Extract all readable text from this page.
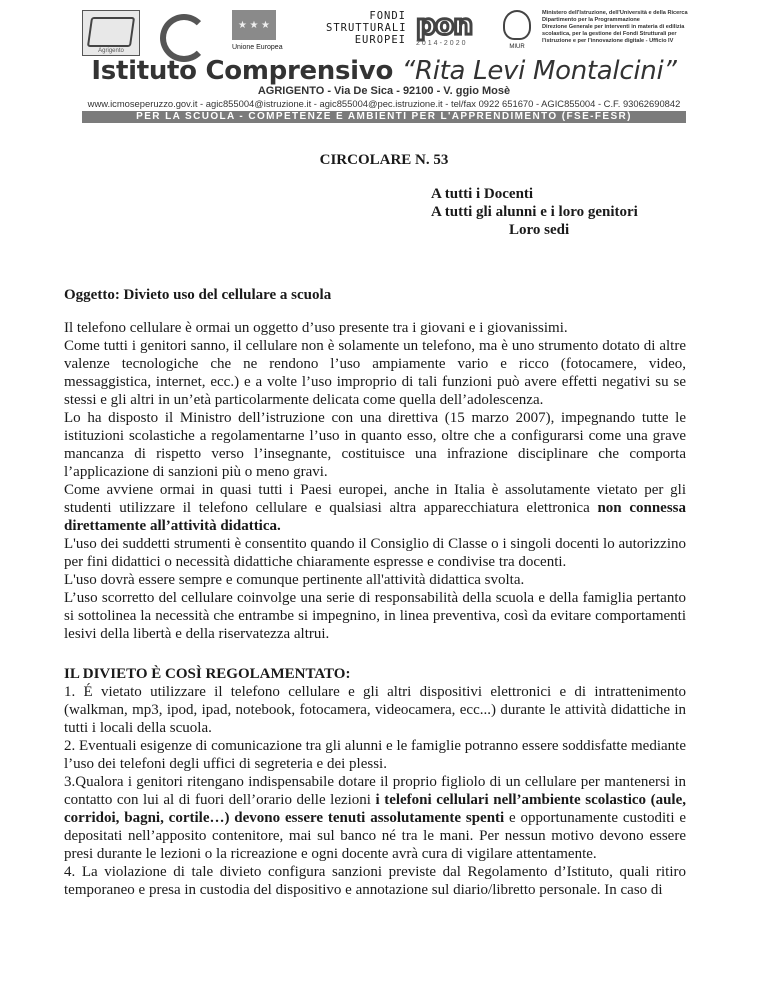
Agrigento
★ ★ ★
Unione Europea
FONDI
STRUTTURALI
EUROPEI pon
2014-2020	MIUR
Ministero dell'Istruzione, dell'Università e della Ricerca
Dipartimento per la Programmazione
Direzione Generale per interventi in materia di edilizia
scolastica, per la gestione dei Fondi Strutturali per
l'istruzione e per l'innovazione digitale - Ufficio IV
Istituto Comprensivo “Rita Levi Montalcini”
AGRIGENTO - Via De Sica - 92100 - V. ggio Mosè
www.icmoseperuzzo.gov.it - agic855004@istruzione.it - agic855004@pec.istruzione.it - tel/fax 0922 651670 - AGIC855004 - C.F. 93062690842
PER LA SCUOLA - COMPETENZE E AMBIENTI PER L'APPRENDIMENTO (FSE-FESR)
CIRCOLARE N. 53
A tutti i Docenti
A tutti gli alunni e i loro genitori
Loro sedi
Oggetto: Divieto uso del cellulare a scuola

Il telefono cellulare è ormai un oggetto d’uso presente tra i giovani e i giovanissimi.

Come tutti i genitori sanno, il cellulare non è solamente un telefono, ma è uno strumento dotato di altre valenze tecnologiche che ne rendono l’uso ampiamente vario e ricco (fotocamere, video, messaggistica, internet, ecc.) e a volte l’uso improprio di tali funzioni può avere effetti negativi su se stessi e gli altri in un’età particolarmente delicata come quella dell’adolescenza.

Lo ha disposto il Ministro dell’istruzione con una direttiva (15 marzo 2007), impegnando tutte le istituzioni scolastiche a regolamentarne l’uso in quanto esso, oltre che a configurarsi come una grave mancanza di rispetto verso l’insegnante, costituisce una infrazione disciplinare che comporta l’applicazione di sanzioni più o meno gravi.

Come avviene ormai in quasi tutti i Paesi europei, anche in Italia è assolutamente vietato per gli studenti utilizzare il telefono cellulare e qualsiasi altra apparecchiatura elettronica non connessa direttamente all’attività didattica.

L'uso dei suddetti strumenti è consentito quando il Consiglio di Classe o i singoli docenti lo autorizzino per fini didattici o necessità didattiche chiaramente espresse e condivise tra docenti.

L'uso dovrà essere sempre e comunque pertinente all'attività didattica svolta.

L’uso scorretto del cellulare coinvolge una serie di responsabilità della scuola e della famiglia pertanto si sottolinea la necessità che entrambe si impegnino, in linea preventiva, così da evitare comportamenti lesivi della libertà e della riservatezza altrui.

IL DIVIETO È COSÌ REGOLAMENTATO:

1. É vietato utilizzare il telefono cellulare e gli altri dispositivi elettronici e di intrattenimento (walkman, mp3, ipod, ipad, notebook, fotocamera, videocamera, ecc...) durante le attività didattiche in tutti i locali della scuola.

2. Eventuali esigenze di comunicazione tra gli alunni e le famiglie potranno essere soddisfatte mediante l’uso dei telefoni degli uffici di segreteria e dei plessi.

3.Qualora i genitori ritengano indispensabile dotare il proprio figliolo di un cellulare per mantenersi in contatto con lui al di fuori dell’orario delle lezioni i telefoni cellulari nell’ambiente scolastico (aule, corridoi, bagni, cortile…) devono essere tenuti assolutamente spenti e opportunamente custoditi e depositati nell’apposito contenitore, mai sul banco né tra le mani. Per nessun motivo devono essere presi durante le lezioni o la ricreazione e ogni docente avrà cura di vigilare attentamente.

4. La violazione di tale divieto configura sanzioni previste dal Regolamento d’Istituto, quali ritiro temporaneo e presa in custodia del dispositivo e annotazione sul diario/libretto personale. In caso di
